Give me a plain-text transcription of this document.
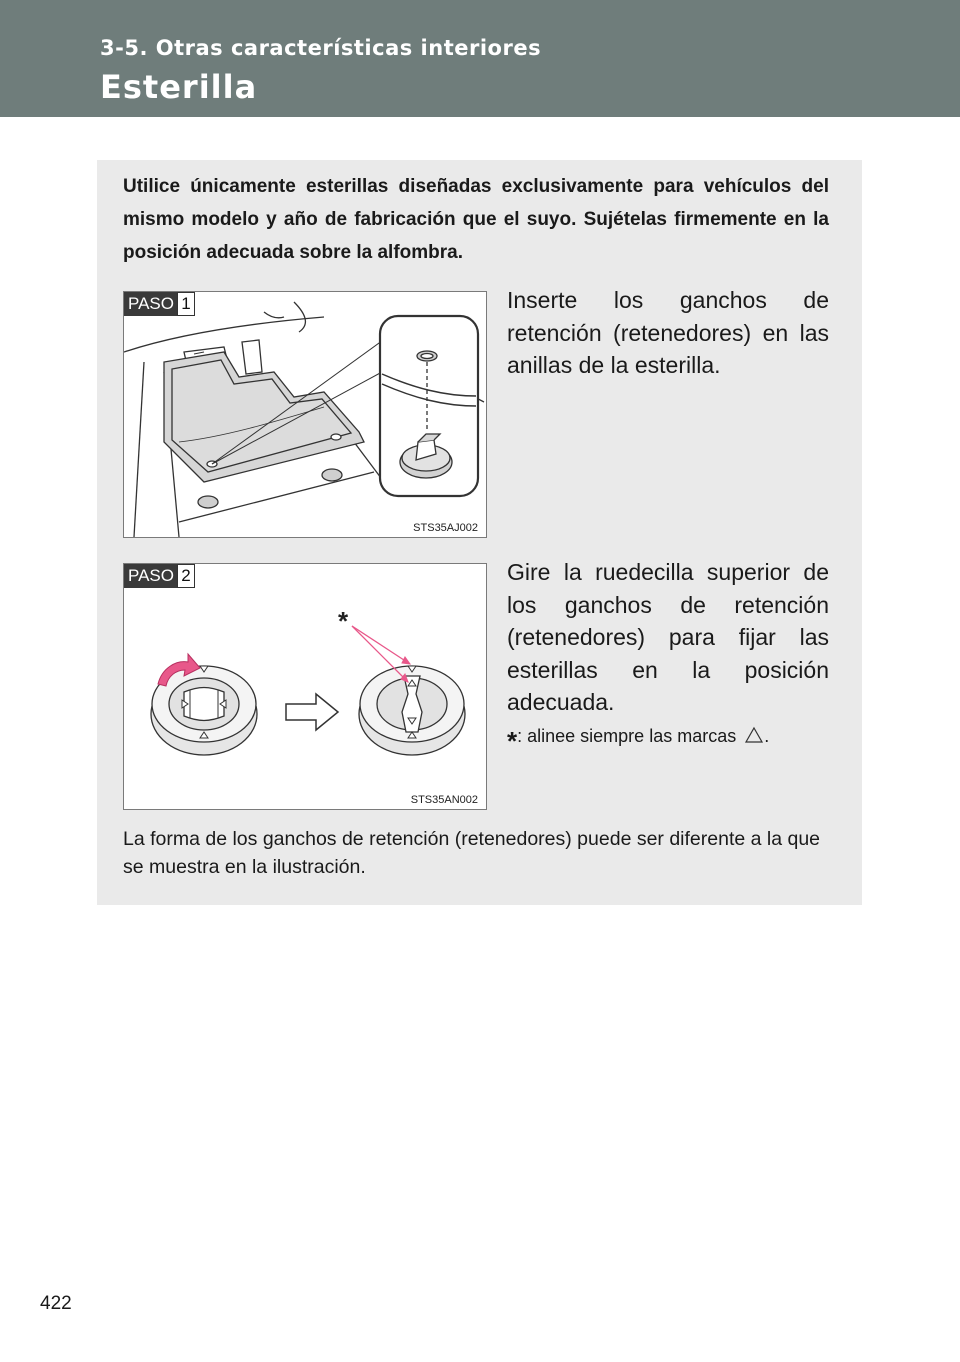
3-5. Otras características interiores
Esterilla
Utilice únicamente esterillas diseñadas exclusivamente para vehículos del mismo modelo y año de fabricación que el suyo. Sujételas firmemente en la posición adecuada sobre la alfombra.
PASO 1
STS35AJ002
Inserte los ganchos de retención (retenedores) en las anillas de la esterilla.
*
PASO 2
STS35AN002
Gire la ruedecilla superior de los ganchos de retención (retenedores) para fijar las esterillas en la posición adecuada.
*: alinee siempre las marcas .
La forma de los ganchos de retención (retenedores) puede ser diferente a la que se muestra en la ilustración.
422
